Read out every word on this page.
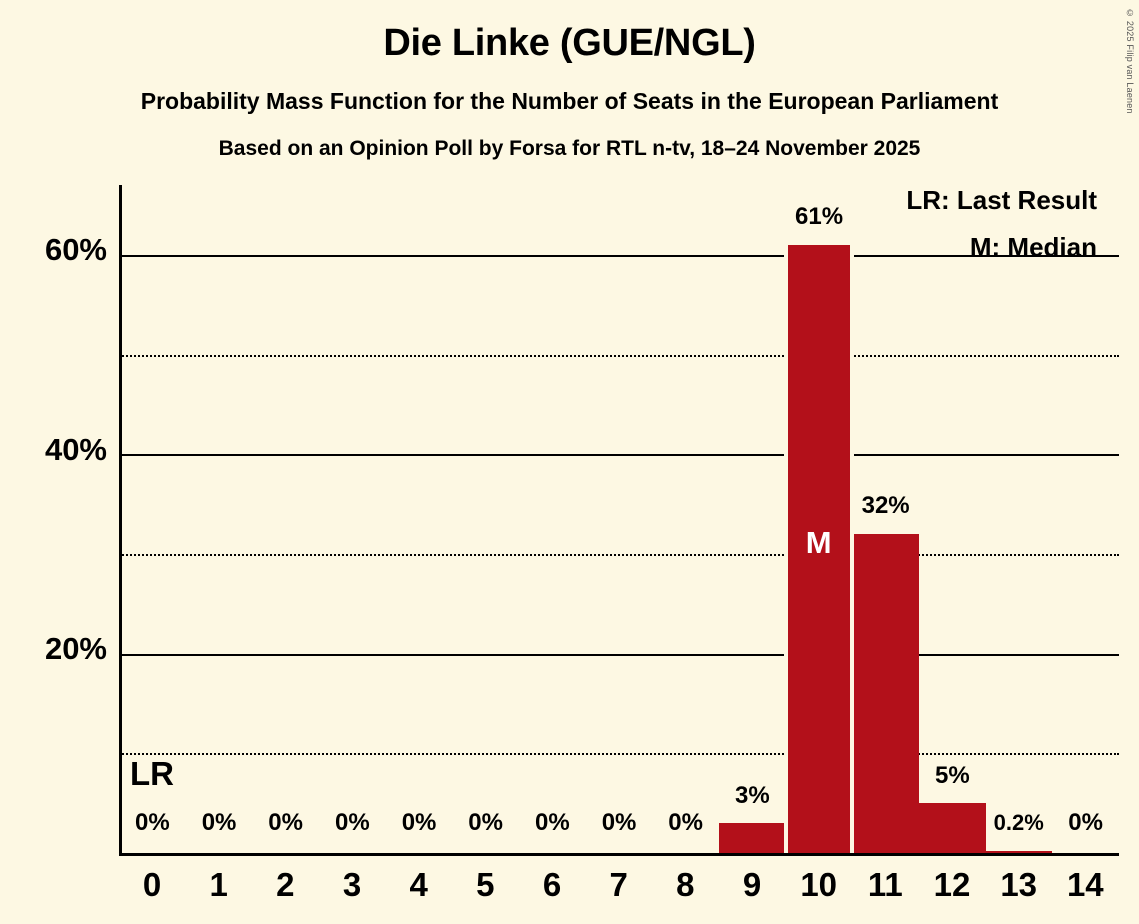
© 2025 Filip van Laenen
Die Linke (GUE/NGL)
Probability Mass Function for the Number of Seats in the European Parliament
Based on an Opinion Poll by Forsa for RTL n-tv, 18–24 November 2025
M
LR
LR: Last Result
M: Median
0%	0%	0%	0%	0%	0%	0%	0%	0%
3%
61%
32%
5%
0.2%	0%
20%
40%
60%
0	1	2	3	4	5	6	7	8	9	10 11 12 13 14
